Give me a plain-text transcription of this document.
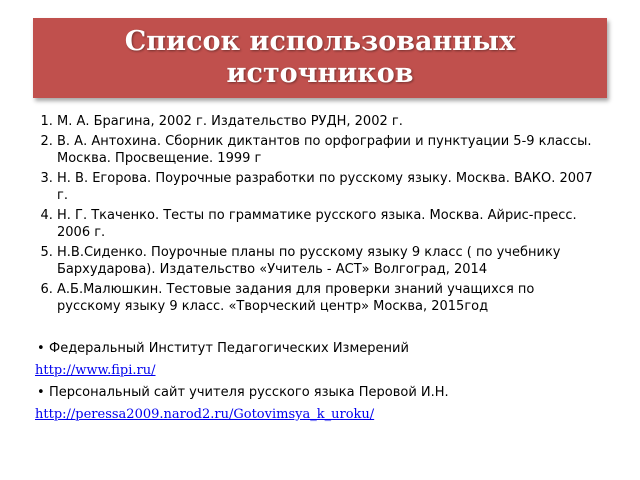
Список использованных источников
1. М. А. Брагина, 2002 г. Издательство РУДН, 2002 г.
2. В. А. Антохина. Сборник диктантов по орфографии и пунктуации 5-9 классы. Москва. Просвещение. 1999 г
3. Н. В. Егорова. Поурочные разработки по русскому языку. Москва. ВАКО. 2007 г.
4. Н. Г. Ткаченко. Тесты по грамматике русского языка. Москва. Айрис-пресс. 2006 г.
5. Н.В.Сиденко. Поурочные планы по русскому языку 9 класс ( по учебнику Бархударова). Издательство «Учитель - АСТ» Волгоград, 2014
6. А.Б.Малюшкин. Тестовые задания для проверки знаний учащихся по русскому языку 9 класс. «Творческий центр» Москва, 2015год
• Федеральный Институт Педагогических Измерений
http://www.fipi.ru/
• Персональный сайт учителя русского языка Перовой И.Н.
http://peressa2009.narod2.ru/Gotovimsya_k_uroku/
